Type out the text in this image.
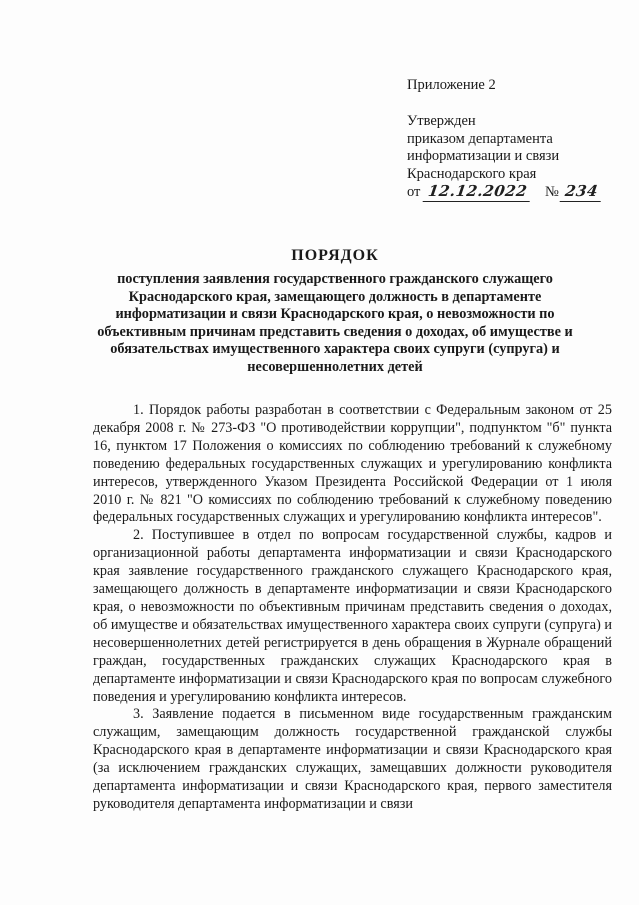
Приложение 2
Утвержден
приказом департамента
информатизации и связи
Краснодарского края
от
12.12.2022 № 234
ПОРЯДОК
поступления заявления государственного гражданского служащего
Краснодарского края, замещающего должность в департаменте
информатизации и связи Краснодарского края, о невозможности по
объективным причинам представить сведения о доходах, об имуществе и
обязательствах имущественного характера своих супруги (супруга) и
несовершеннолетних детей

1. Порядок работы разработан в соответствии с Федеральным законом от 25 декабря 2008 г. № 273-ФЗ "О противодействии коррупции", подпунктом "б" пункта 16, пунктом 17 Положения о комиссиях по соблюдению требований к служебному поведению федеральных государственных служащих и урегулированию конфликта интересов, утвержденного Указом Президента Российской Федерации от 1 июля 2010 г. № 821 "О комиссиях по соблюдению требований к служебному поведению федеральных государственных служащих и урегулированию конфликта интересов".

2. Поступившее в отдел по вопросам государственной службы, кадров и организационной работы департамента информатизации и связи Краснодарского края заявление государственного гражданского служащего Краснодарского края, замещающего должность в департаменте информатизации и связи Краснодарского края, о невозможности по объективным причинам представить сведения о доходах, об имуществе и обязательствах имущественного характера своих супруги (супруга) и несовершеннолетних детей регистрируется в день обращения в Журнале обращений граждан, государственных гражданских служащих Краснодарского края в департаменте информатизации и связи Краснодарского края по вопросам служебного поведения и урегулированию конфликта интересов.

3. Заявление подается в письменном виде государственным гражданским служащим, замещающим должность государственной гражданской службы Краснодарского края в департаменте информатизации и связи Краснодарского края (за исключением гражданских служащих, замещавших должности руководителя департамента информатизации и связи Краснодарского края, первого заместителя руководителя департамента информатизации и связи
